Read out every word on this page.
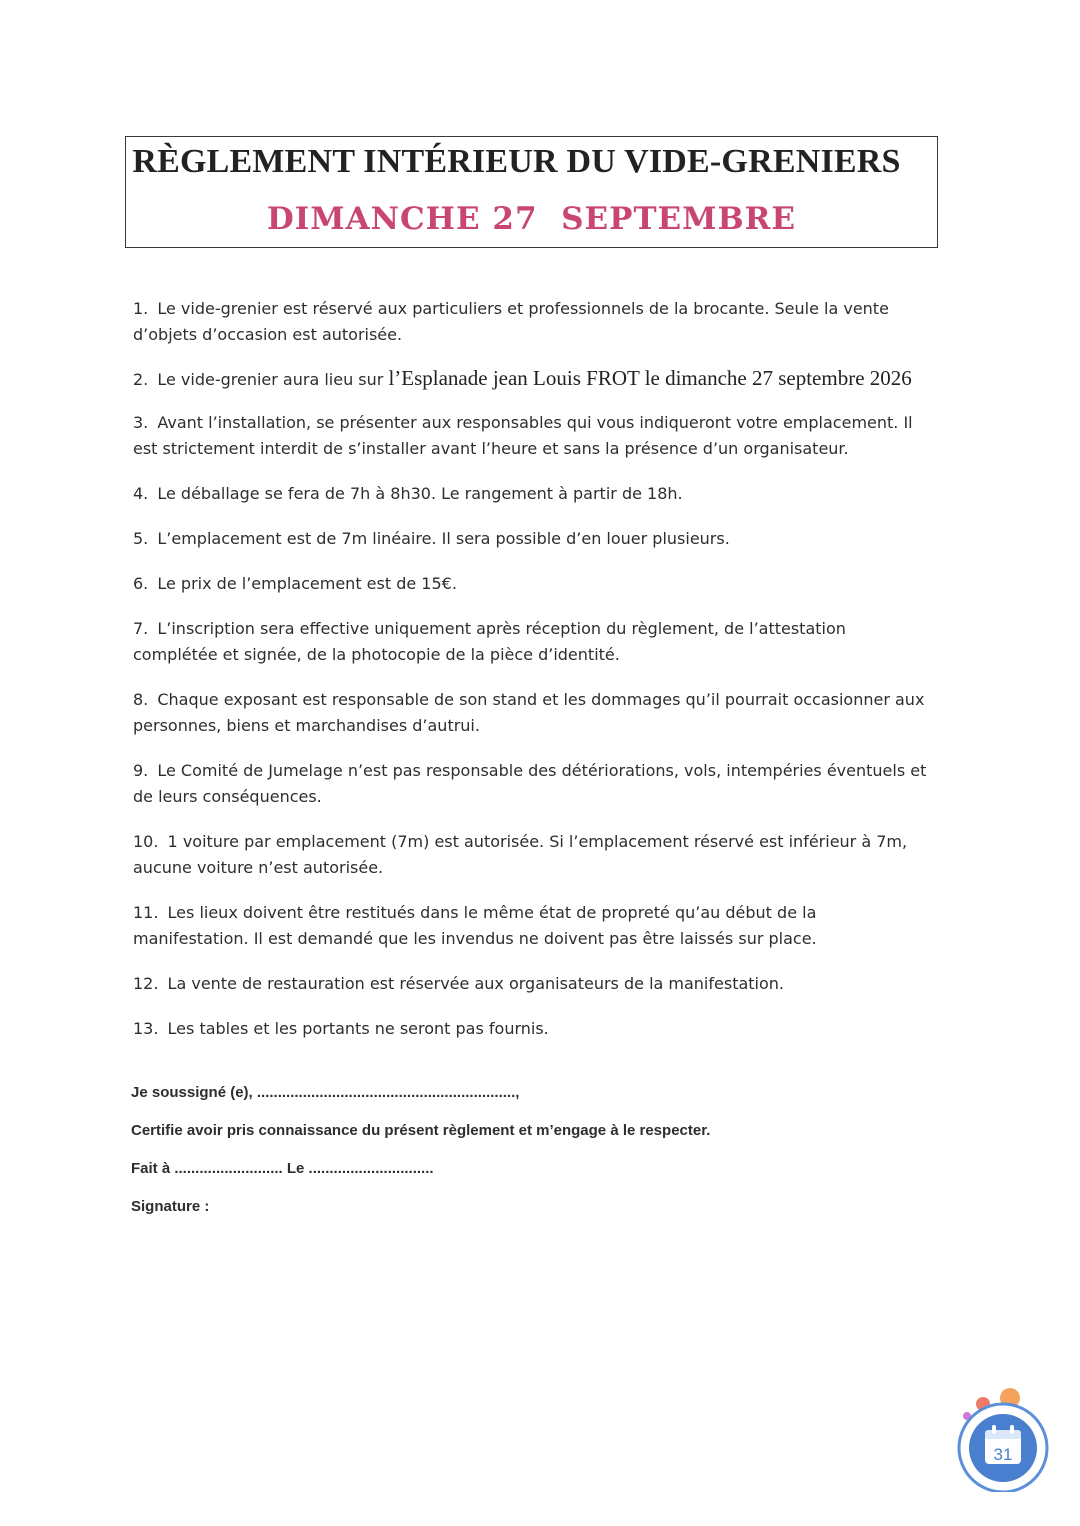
RÈGLEMENT INTÉRIEUR DU VIDE-GRENIERS
DIMANCHE 27  SEPTEMBRE
1. Le vide-grenier est réservé aux particuliers et professionnels de la brocante. Seule la vente d’objets d’occasion est autorisée.
2. Le vide-grenier aura lieu sur l’Esplanade jean Louis FROT le dimanche 27 septembre 2026
3. Avant l’installation, se présenter aux responsables qui vous indiqueront votre emplacement. Il est strictement interdit de s’installer avant l’heure et sans la présence d’un organisateur.
4. Le déballage se fera de 7h à 8h30. Le rangement à partir de 18h.
5. L’emplacement est de 7m linéaire. Il sera possible d’en louer plusieurs.
6. Le prix de l’emplacement est de 15€.
7. L’inscription sera effective uniquement après réception du règlement, de l’attestation complétée et signée, de la photocopie de la pièce d’identité.
8. Chaque exposant est responsable de son stand et les dommages qu’il pourrait occasionner aux personnes, biens et marchandises d’autrui.
9. Le Comité de Jumelage n’est pas responsable des détériorations, vols, intempéries éventuels et de leurs conséquences.
10. 1 voiture par emplacement (7m) est autorisée. Si l’emplacement réservé est inférieur à 7m, aucune voiture n’est autorisée.
11. Les lieux doivent être restitués dans le même état de propreté qu’au début de la manifestation. Il est demandé que les invendus ne doivent pas être laissés sur place.
12. La vente de restauration est réservée aux organisateurs de la manifestation.
13. Les tables et les portants ne seront pas fournis.
Je soussigné (e), ..............................................................,
Certifie avoir pris connaissance du présent règlement et m’engage à le respecter.
Fait à .......................... Le ..............................
Signature :
31
